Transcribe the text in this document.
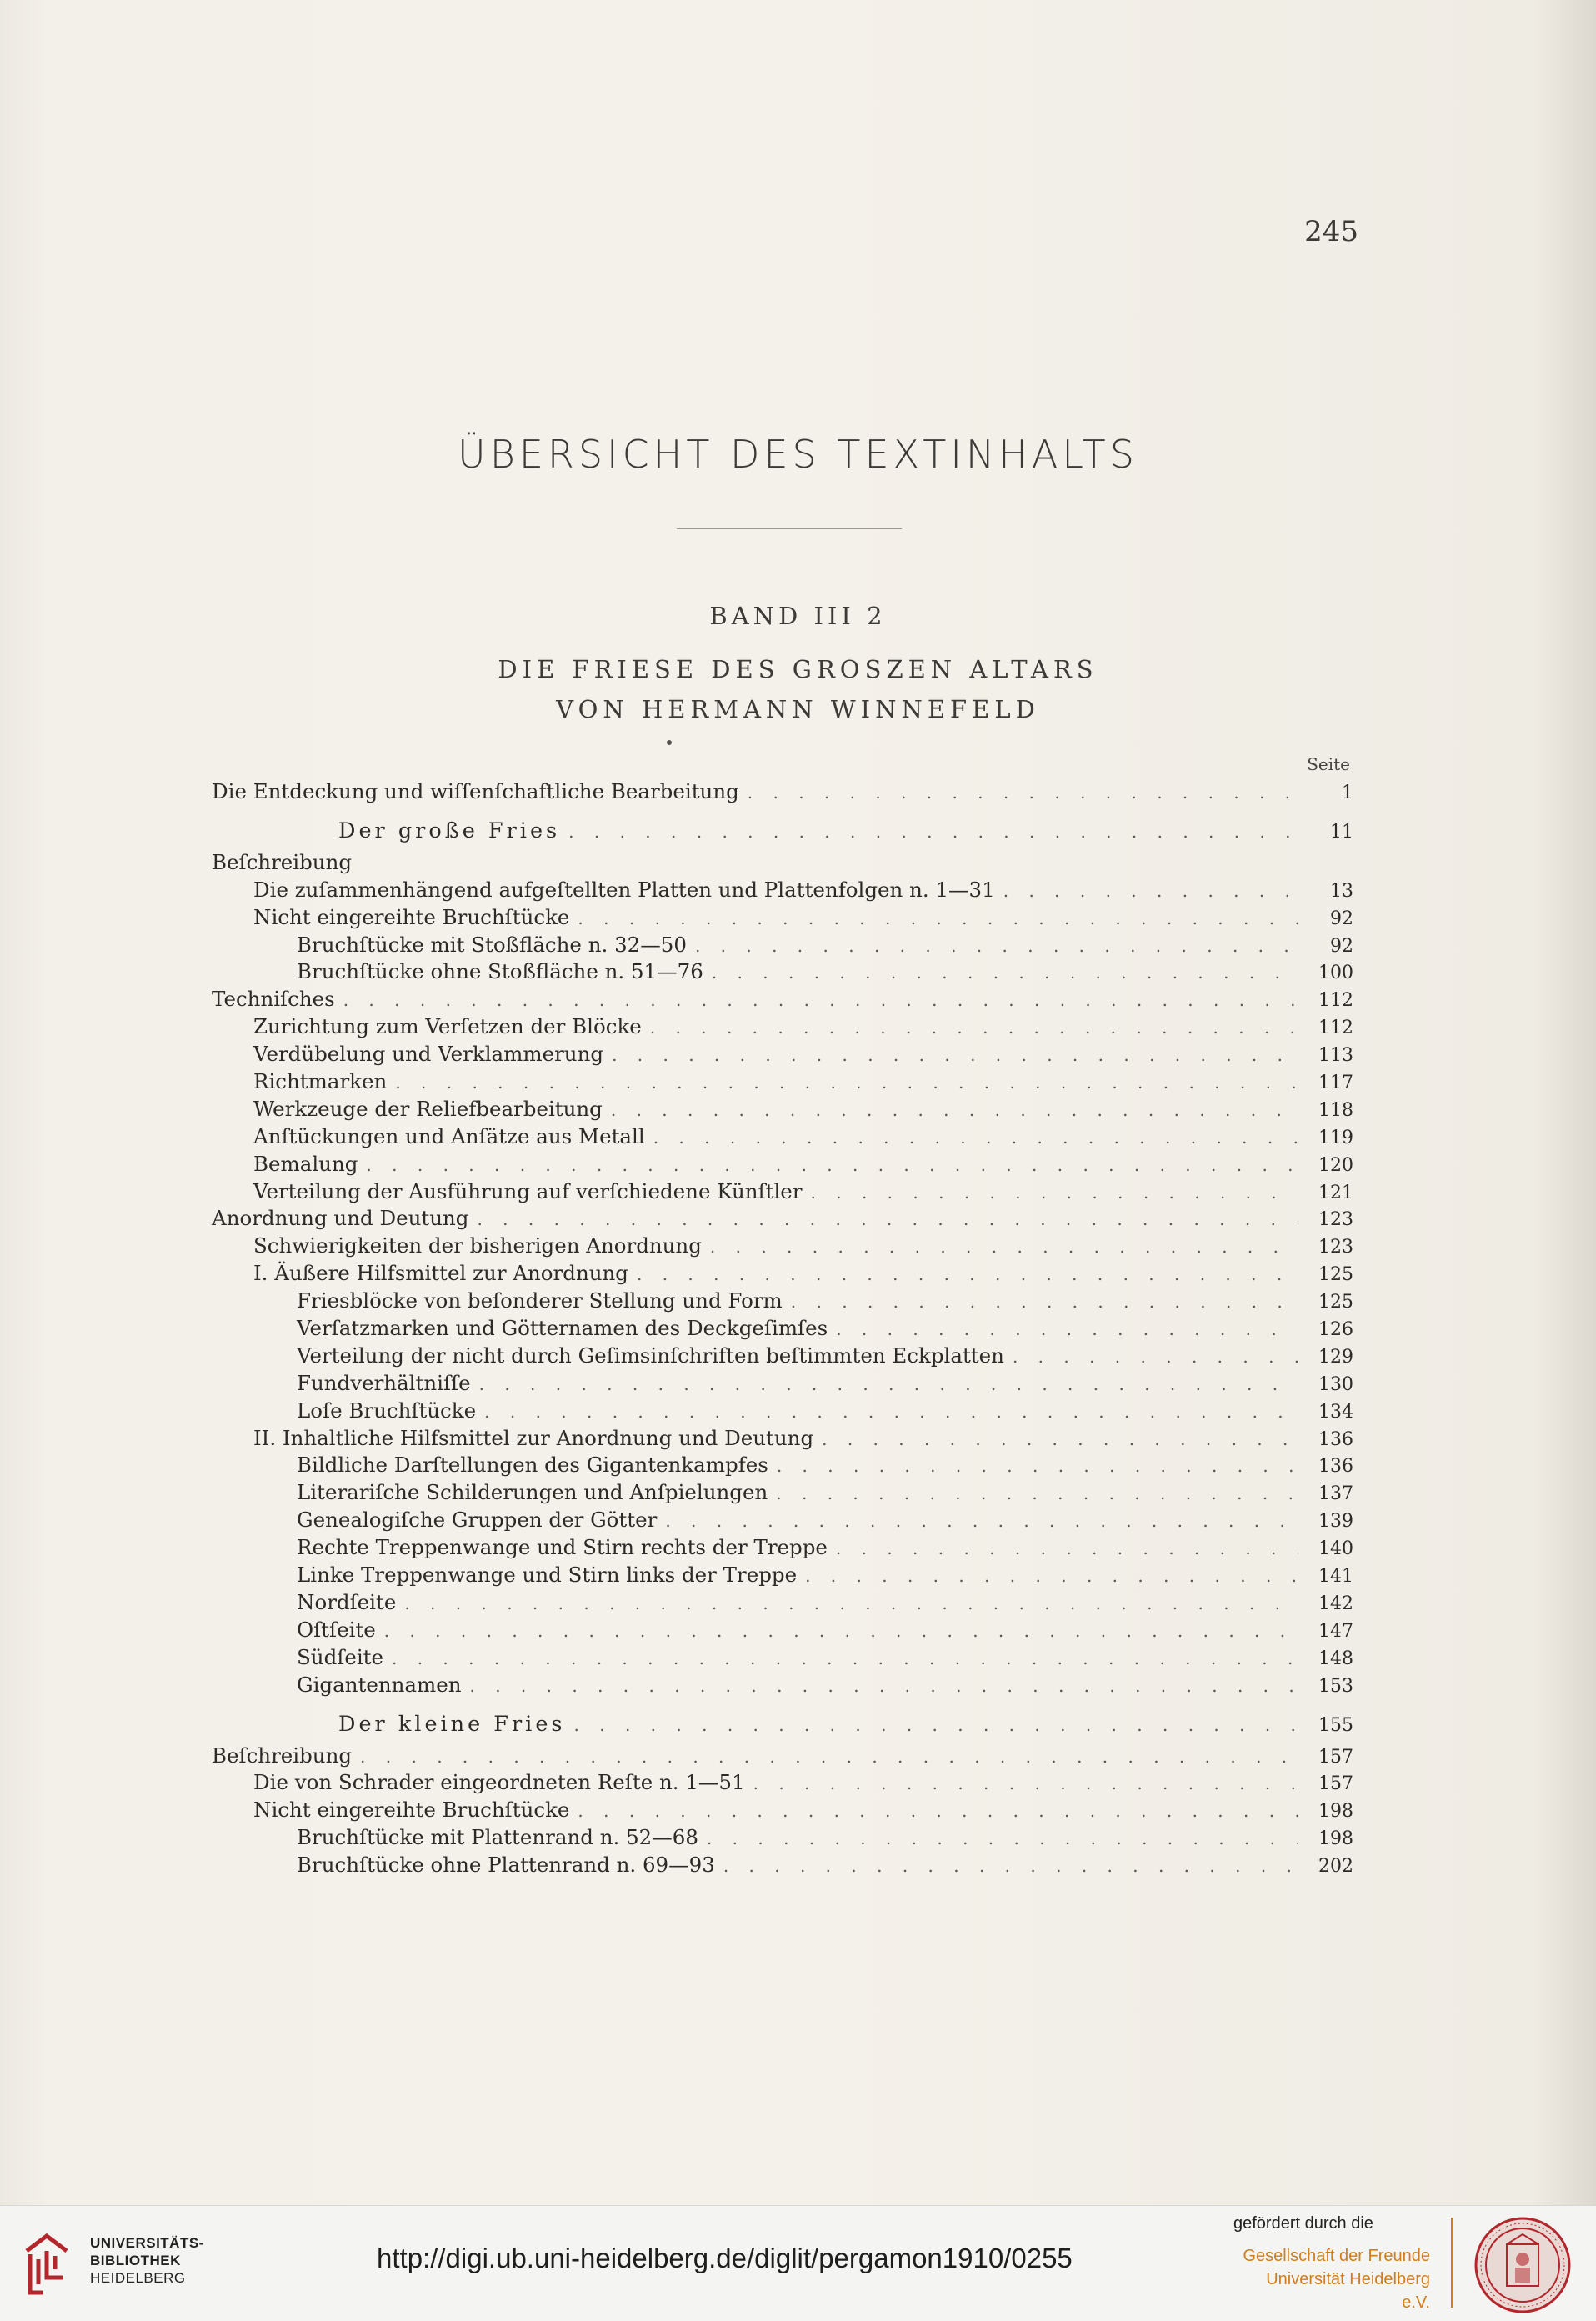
245
ÜBERSICHT DES TEXTINHALTS
BAND III 2
DIE FRIESE DES GROSZEN ALTARS
VON HERMANN WINNEFELD
Seite
Die Entdeckung und wiſſenſchaftliche Bearbeitung . . .	1
Der große Fries . . .	11
Beſchreibung
Die zuſammenhängend aufgeſtellten Platten und Plattenfolgen n. 1—31 . . .	13
Nicht eingereihte Bruchſtücke . . .	92
Bruchſtücke mit Stoßfläche n. 32—50 . . .	92
Bruchſtücke ohne Stoßfläche n. 51—76 . . .	100
Techniſches . . .	112
Zurichtung zum Verſetzen der Blöcke . . .	112
Verdübelung und Verklammerung . . .	113
Richtmarken . . .	117
Werkzeuge der Reliefbearbeitung . . .	118
Anſtückungen und Anſätze aus Metall . . .	119
Bemalung . . .	120
Verteilung der Ausführung auf verſchiedene Künſtler . . .	121
Anordnung und Deutung . . .	123
Schwierigkeiten der bisherigen Anordnung . . .	123
I. Äußere Hilfsmittel zur Anordnung . . .	125
Friesblöcke von beſonderer Stellung und Form . . .	125
Verſatzmarken und Götternamen des Deckgeſimſes . . .	126
Verteilung der nicht durch Geſimsinſchriften beſtimmten Eckplatten . . .	129
Fundverhältniſſe . . .	130
Loſe Bruchſtücke . . .	134
II. Inhaltliche Hilfsmittel zur Anordnung und Deutung . . .	136
Bildliche Darſtellungen des Gigantenkampfes . . .	136
Literariſche Schilderungen und Anſpielungen . . .	137
Genealogiſche Gruppen der Götter . . .	139
Rechte Treppenwange und Stirn rechts der Treppe . . .	140
Linke Treppenwange und Stirn links der Treppe . . .	141
Nordſeite . . .	142
Oſtſeite . . .	147
Südſeite . . .	148
Gigantennamen . . .	153
Der kleine Fries . . .	155
Beſchreibung . . .	157
Die von Schrader eingeordneten Reſte n. 1—51 . . .	157
Nicht eingereihte Bruchſtücke . . .	198
Bruchſtücke mit Plattenrand n. 52—68 . . .	198
Bruchſtücke ohne Plattenrand n. 69—93 . . .	202
UNIVERSITÄTS-
BIBLIOTHEK
HEIDELBERG
http://digi.ub.uni-heidelberg.de/diglit/pergamon1910/0255
gefördert durch die
Gesellschaft der Freunde
Universität Heidelberg e.V.
